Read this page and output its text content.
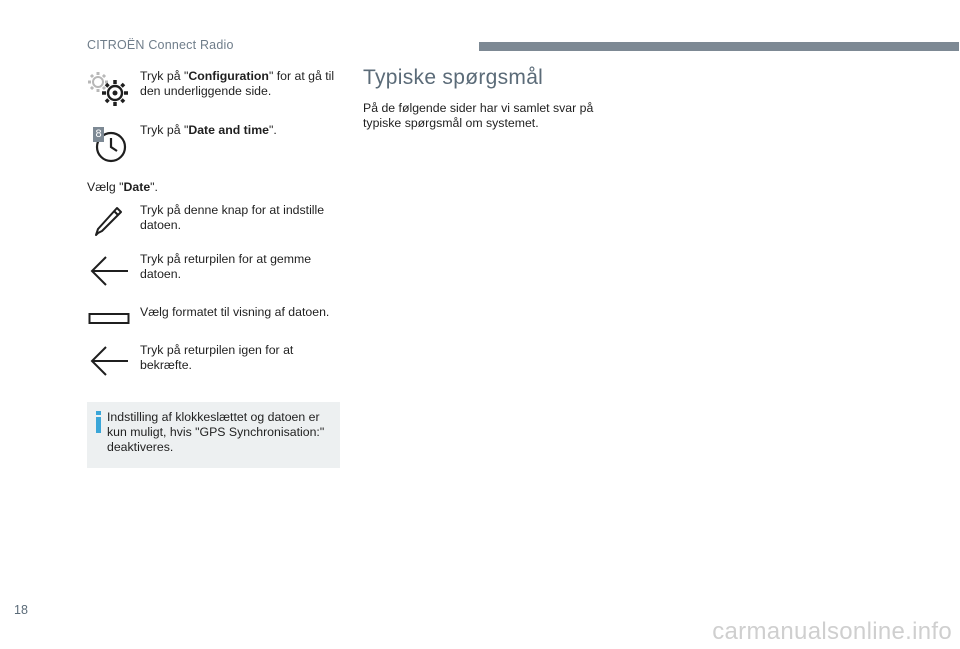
CITROËN Connect Radio
Tryk på "Configuration" for at gå til den underliggende side.
8	Tryk på "Date and time".
Vælg "Date".
Tryk på denne knap for at indstille datoen.
Tryk på returpilen for at gemme datoen.
Vælg formatet til visning af datoen.
Tryk på returpilen igen for at bekræfte.
Indstilling af klokkeslættet og datoen er kun muligt, hvis "GPS Synchronisation:" deaktiveres.
Typiske spørgsmål
På de følgende sider har vi samlet svar på typiske spørgsmål om systemet.
18
carmanualsonline.info
